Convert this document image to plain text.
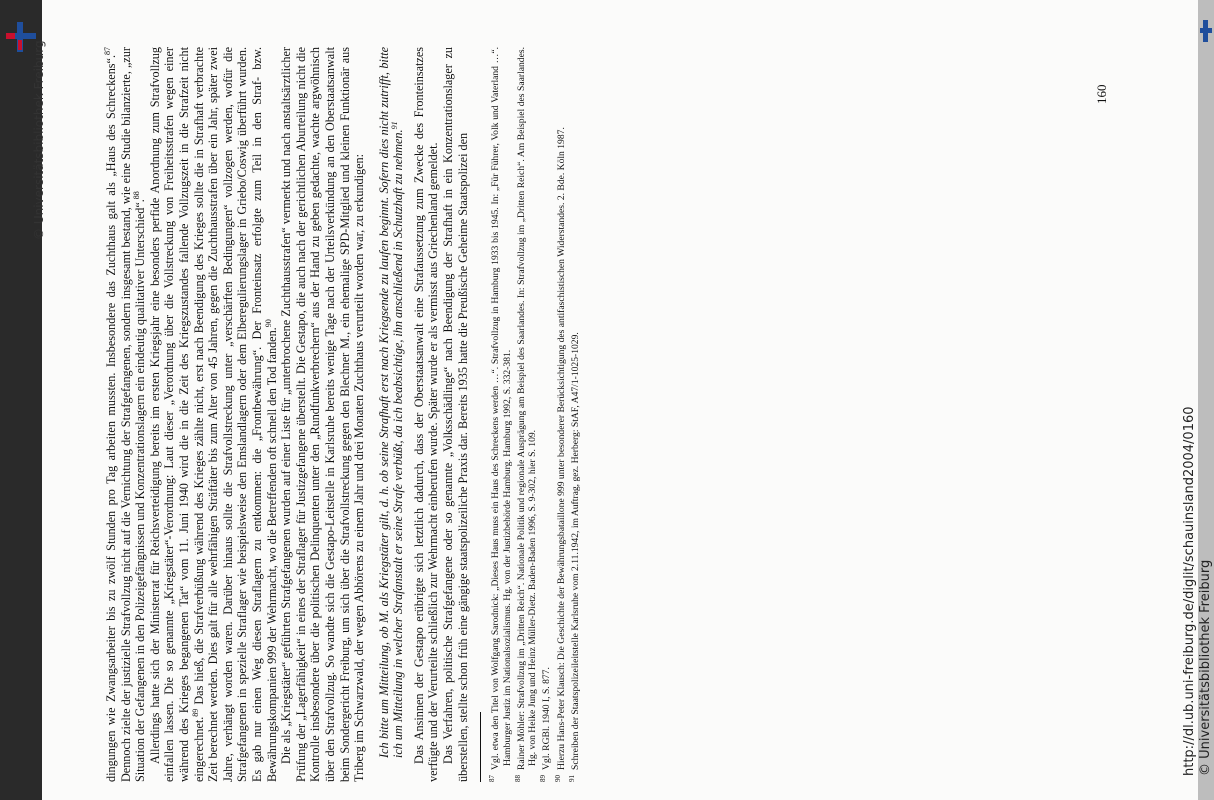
© Universitätsbibliothek Freiburg	dingungen wie Zwangsarbeiter bis zu zwölf Stunden pro Tag arbeiten mussten. Insbesondere das Zuchthaus galt als „Haus des Schreckens“.$^{87}$ Dennoch zielte der justizielle Strafvollzug nicht auf die Vernichtung der Strafgefangenen, sondern insgesamt bestand, wie eine Studie bilanzierte, „zur Situation der Gefangenen in den Polizeigefängnissen und Konzentrationslagern ein eindeutig qualitativer Unterschied“.$^{88}$ Allerdings hatte sich der Ministerrat für Reichsverteidigung bereits im ersten Kriegsjahr eine besonders perfide Anordnung zum Strafvollzug einfallen lassen. Die so genannte „Kriegstäter“-Verordnung: Laut dieser „Verordnung über die Vollstreckung von Freiheitsstrafen wegen einer während des Krieges begangenen Tat“ vom 11. Juni 1940 wird die in die Zeit des Kriegszustandes fallende Vollzugszeit in die Strafzeit nicht eingerechnet.$^{89}$ Das hieß, die Strafverbüßung während des Krieges zählte nicht, erst nach Beendigung des Krieges sollte die in Strafhaft verbrachte Zeit berechnet werden. Dies galt für alle wehrfähigen Sträftäter bis zum Alter von 45 Jahren, gegen die Zuchthausstrafen über ein Jahr, später zwei Jahre, verhängt worden waren. Darüber hinaus sollte die Strafvollstreckung unter „verschärften Bedingungen“ vollzogen werden, wofür die Strafgefangenen in spezielle Straflager wie beispielsweise den Emslandlagern oder dem Elberegulierungslager in Griebo/Coswig überführt wurden. Es gab nur einen Weg diesen Straflagern zu entkommen: die „Frontbewährung“. Der Fronteinsatz erfolgte zum Teil in den Straf- bzw. Bewährungskompanien 999 der Wehrmacht, wo die Betreffenden oft schnell den Tod fanden.$^{90}$ Die als „Kriegstäter“ geführten Strafgefangenen wurden auf einer Liste für „unterbrochene Zuchthausstrafen“ vermerkt und nach anstaltsärztlicher Prüfung der „Lagerfähigkeit“ in eines der Straflager für Justizgefangene überstellt. Die Gestapo, die auch nach der gerichtlichen Aburteilung nicht die Kontrolle insbesondere über die politischen Delinquenten unter den „Rundfunkverbrechern“ aus der Hand zu geben gedachte, wachte argwöhnisch über den Strafvollzug. So wandte sich die Gestapo-Leitstelle in Karlsruhe bereits wenige Tage nach der Urteilsverkündung an den Oberstaatsanwalt beim Sondergericht Freiburg, um sich über die Strafvollstreckung gegen den Blechner M., ein ehemalige SPD-Mitglied und kleinen Funktionär aus Triberg im Schwarzwald, der wegen Abhörens zu einem Jahr und drei Monaten Zuchthaus verurteilt worden war, zu erkundigen: Ich bitte um Mitteilung, ob M. als Kriegstäter gilt, d. h. ob seine Strafhaft erst nach Kriegsende zu laufen beginnt. Sofern dies nicht zutrifft, bitte ich um Mitteilung in welcher Strafanstalt er seine Strafe verbüßt, da ich beabsichtige, ihn anschließend in Schutzhaft zu nehmen.$^{91}$	Das Ansinnen der Gestapo erübrigte sich letztlich dadurch, dass der Oberstaatsanwalt eine Strafaussetzung zum Zwecke des Fronteinsatzes verfügte und der Verurteilte schließlich zur Wehrmacht einberufen wurde. Später wurde er als vermisst aus Griechenland gemeldet. Das Verfahren, politische Strafgefangene oder so genannte „Volksschädlinge“ nach Beendigung der Strafhaft in ein Konzentrationslager zu überstellen, stellte schon früh eine gängige staatspolizeiliche Praxis dar. Bereits 1935 hatte die Preußische Geheime Staatspolizei den	$^{87}$Vgl. etwa den Titel von Wolfgang Sarodnick: „Dieses Haus muss ein Haus des Schreckens werden …“. Strafvollzug in Hamburg 1933 bis 1945. In: „Für Führer, Volk und Vaterland …“. Hamburger Justiz im Nationalsozialismus. Hg. von der Justizbehörde Hamburg. Hamburg 1992, S. 332-381.

$^{88}$Rainer Möhler: Strafvollzug im „Dritten Reich“. Nationale Politik und regionale Ausprägung am Beispiel des Saarlandes. In: Strafvollzug im „Dritten Reich“. Am Beispiel des Saarlandes. Hg. von Heike Jung und Heinz Müller-Dietz. Baden-Baden 1996, S. 9-302, hier S. 109.

$^{89}$Vgl. RGBl. 1940 I, S. 877.

$^{90}$Hierzu Hans-Peter Klausch: Die Geschichte der Bewährungsbataillone 999 unter besonderer Berücksichtigung des antifaschistischen Widerstandes. 2. Bde. Köln 1987.

$^{91}$Schreiben der Staatspolizeileitstelle Karlsruhe vom 2.11.1942, im Auftrag, gez. Herberg: StAF, A47/1-1025-1029.

160
http://dl.ub.uni-freiburg.de/diglit/schauinsland2004/0160 © Universitätsbibliothek Freiburg
